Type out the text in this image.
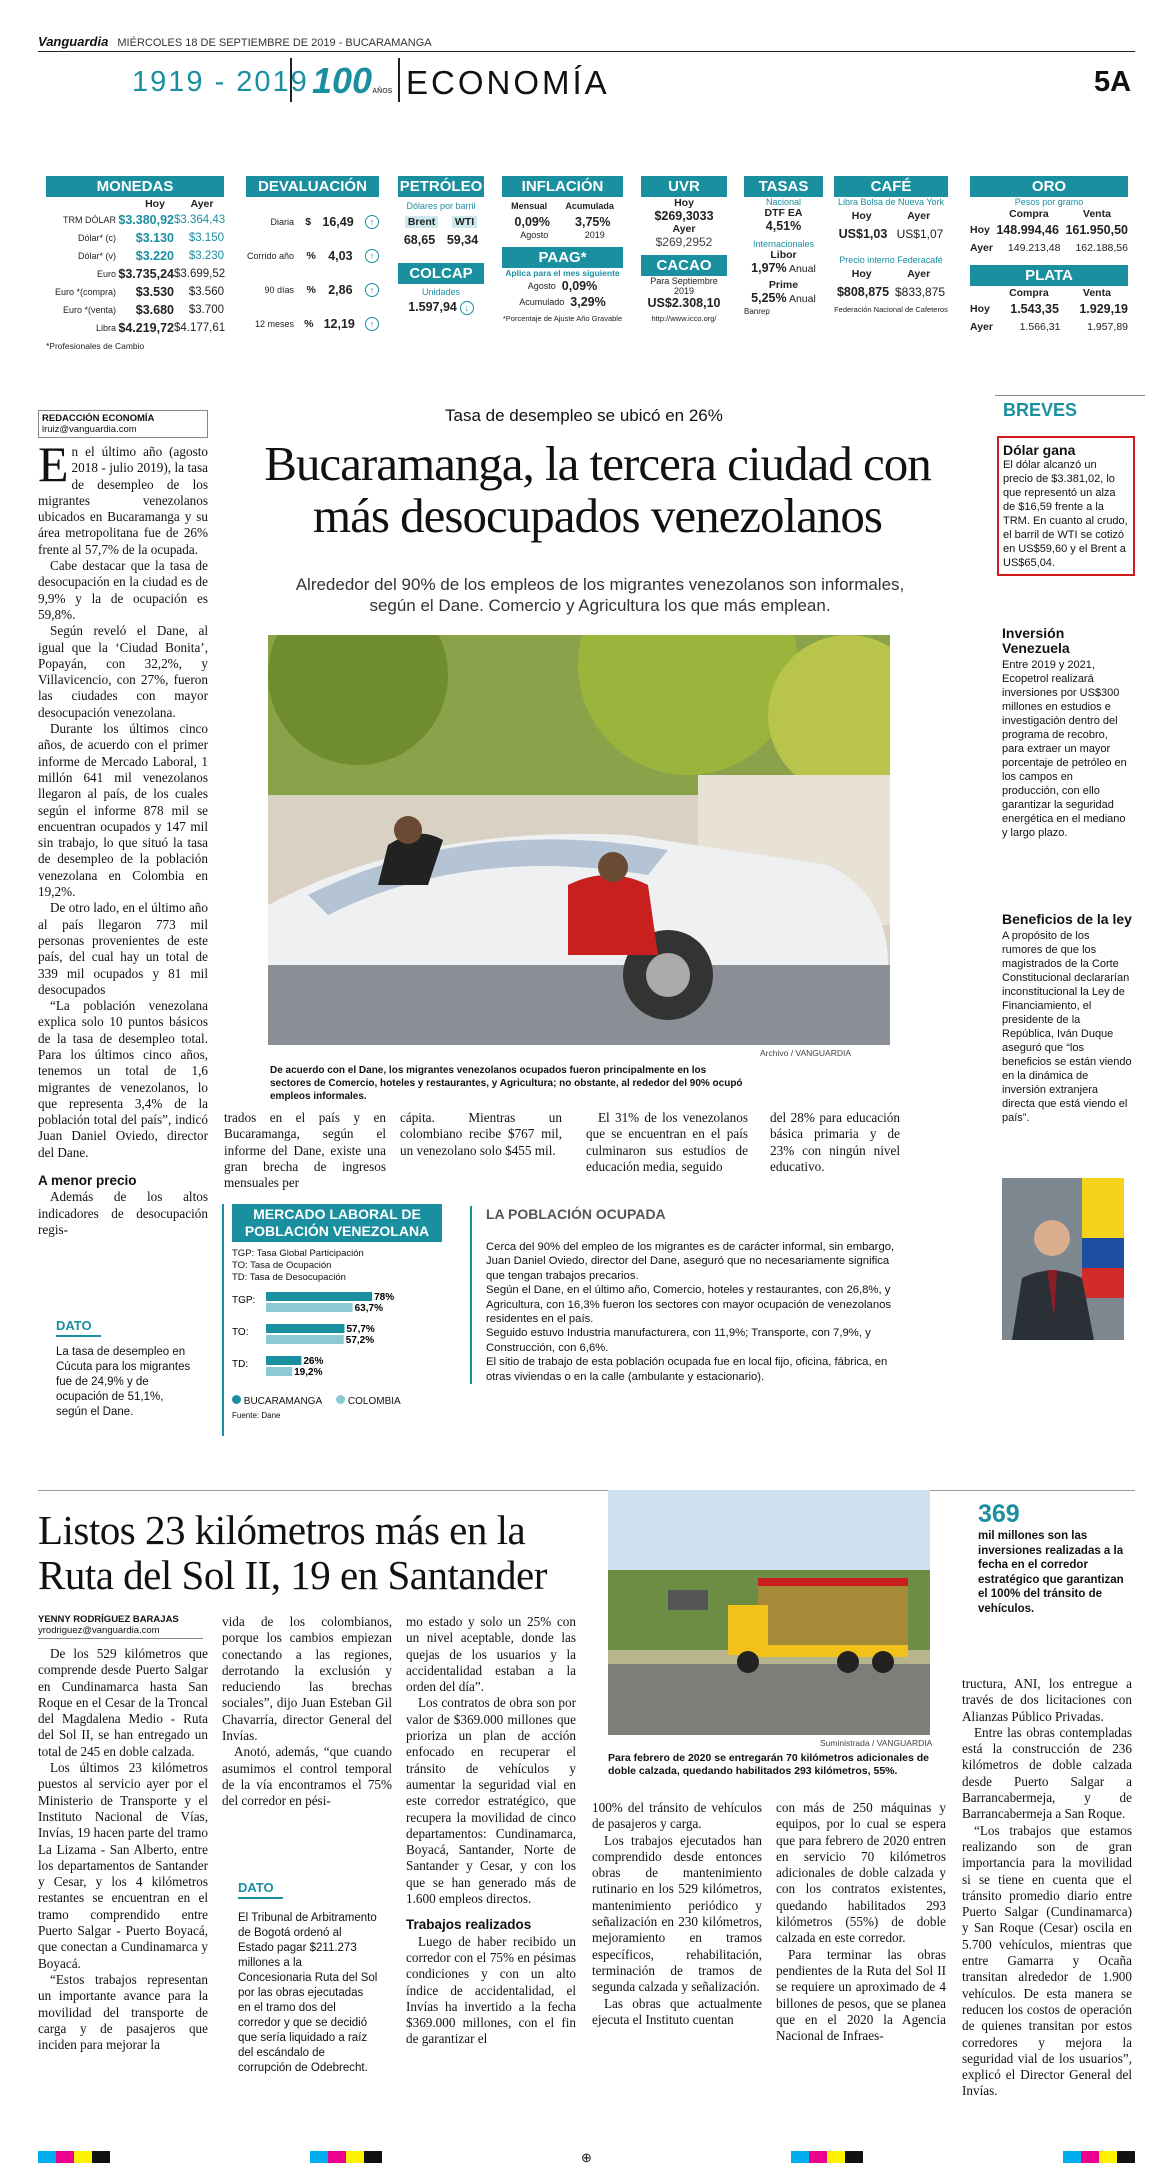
Vanguardia MIÉRCOLES 18 DE SEPTIEMBRE DE 2019 - BUCARAMANGA
1919 - 2019 100AÑOS ECONOMÍA	5A
MONEDAS
Hoy	Ayer
TRM DÓLAR $3.380,92 $3.364,43
Dólar* (c)	$3.130	$3.150
Dólar* (v)	$3.220	$3.230
Euro $3.735,24 $3.699,52
Euro *(compra)	$3.530	$3.560
Euro *(venta)	$3.680	$3.700
Libra $4.219,72 $4.177,61
*Profesionales de Cambio
DEVALUACIÓN
Diaria $ 16,49	↑
Corrido año % 4,03	↑
90 días % 2,86	↑
12 meses % 12,19	↑
PETRÓLEO
Dólares por barril
Brent WTI
68,65 59,34
COLCAP
Unidades
1.597,94 ↓
INFLACIÓN
Mensual Acumulada
0,09% 3,75%
Agosto	2019
PAAG*
Aplica para el mes siguiente
Agosto 0,09%
Acumulado 3,29%
*Porcentaje de Ajuste Año Gravable
UVR
Hoy
$269,3033
Ayer
$269,2952
CACAO
Para Septiembre 2019
US$2.308,10
http://www.icco.org/
TASAS
Nacional
DTF EA
4,51%
Internacionales
Libor
1,97% Anual
Prime
5,25% Anual
Banrep
CAFÉ
Libra Bolsa de Nueva York
Hoy	Ayer
US$1,03 US$1,07
Precio interno Federacafé
Hoy	Ayer
$808,875 $833,875
Federación Nacional de Cafeteros
ORO
Pesos por gramo
Compra	Venta
Hoy 148.994,46 161.950,50
Ayer 149.213,48 162.188,56
PLATA
Compra	Venta
Hoy 1.543,35 1.929,19
Ayer	1.566,31	1.957,89
REDACCIÓN ECONOMÍA
lruiz@vanguardia.com
Tasa de desempleo se ubicó en 26%
Bucaramanga, la tercera ciudad con más desocupados venezolanos
Alrededor del 90% de los empleos de los migrantes venezolanos son informales, según el Dane. Comercio y Agricultura los que más emplean.

En el último año (agosto 2018 - julio 2019), la tasa de desempleo de los migrantes venezolanos ubicados en Bucaramanga y su área metropolitana fue de 26% frente al 57,7% de la ocupada.

Cabe destacar que la tasa de desocupación en la ciudad es de 9,9% y la de ocupación es 59,8%.

Según reveló el Dane, al igual que la ‘Ciudad Bonita’, Popayán, con 32,2%, y Villavicencio, con 27%, fueron las ciudades con mayor desocupación venezolana.

Durante los últimos cinco años, de acuerdo con el primer informe de Mercado Laboral, 1 millón 641 mil venezolanos llegaron al país, de los cuales según el informe 878 mil se encuentran ocupados y 147 mil sin trabajo, lo que situó la tasa de desempleo de la población venezolana en Colombia en 19,2%.

De otro lado, en el último año al país llegaron 773 mil personas provenientes de este país, del cual hay un total de 339 mil ocupados y 81 mil desocupados

“La población venezolana explica solo 10 puntos básicos de la tasa de desempleo total. Para los últimos cinco años, tenemos un total de 1,6 migrantes de venezolanos, lo que representa 3,4% de la población total del país”, indicó Juan Daniel Oviedo, director del Dane.

A menor precio

Además de los altos indicadores de desocupación regis-

Archivo / VANGUARDIA
De acuerdo con el Dane, los migrantes venezolanos ocupados fueron principalmente en los sectores de Comercio, hoteles y restaurantes, y Agricultura; no obstante, al rededor del 90% ocupó empleos informales.

trados en el país y en Bucaramanga, según el informe del Dane, existe una gran brecha de ingresos mensuales per

cápita. Mientras un colombiano recibe $767 mil, un venezolano solo $455 mil.

El 31% de los venezolanos que se encuentran en el país culminaron sus estudios de educación media, seguido

del 28% para educación básica primaria y de 23% con ningún nivel educativo.

DATO
La tasa de desempleo en Cúcuta para los migrantes fue de 24,9% y de ocupación de 51,1%, según el Dane.
MERCADO LABORAL DE POBLACIÓN VENEZOLANA
TGP: Tasa Global Participación
TO: Tasa de Ocupación
TD: Tasa de Desocupación
TGP:	78%
63,7%
TO:	57,7%
57,2%
TD:	26%
19,2%
BUCARAMANGA	COLOMBIA
Fuente: Dane
LA POBLACIÓN OCUPADA
Cerca del 90% del empleo de los migrantes es de carácter informal, sin embargo, Juan Daniel Oviedo, director del Dane, aseguró que no necesariamente significa que tengan trabajos precarios.
Según el Dane, en el último año, Comercio, hoteles y restaurantes, con 26,8%, y Agricultura, con 16,3% fueron los sectores con mayor ocupación de venezolanos residentes en el país.
Seguido estuvo Industria manufacturera, con 11,9%; Transporte, con 7,9%, y Construcción, con 6,6%.
El sitio de trabajo de esta población ocupada fue en local fijo, oficina, fábrica, en otras viviendas o en la calle (ambulante y estacionario).
BREVES
Dólar gana
El dólar alcanzó un precio de $3.381,02, lo que representó un alza de $16,59 frente a la TRM. En cuanto al crudo, el barril de WTI se cotizó en US$59,60 y el Brent a US$65,04.
Inversión Venezuela
Entre 2019 y 2021, Ecopetrol realizará inversiones por US$300 millones en estudios e investigación dentro del programa de recobro, para extraer un mayor porcentaje de petróleo en los campos en producción, con ello garantizar la seguridad energética en el mediano y largo plazo.
Beneficios de la ley
A propósito de los rumores de que los magistrados de la Corte Constitucional declararían inconstitucional la Ley de Financiamiento, el presidente de la República, Iván Duque aseguró que “los beneficios se están viendo en la dinámica de inversión extranjera directa que está viendo el país”.
Listos 23 kilómetros más en la Ruta del Sol II, 19 en Santander
YENNY RODRÍGUEZ BARAJAS
yrodriguez@vanguardia.com

De los 529 kilómetros que comprende desde Puerto Salgar en Cundinamarca hasta San Roque en el Cesar de la Troncal del Magdalena Medio - Ruta del Sol II, se han entregado un total de 245 en doble calzada.

Los últimos 23 kilómetros puestos al servicio ayer por el Ministerio de Transporte y el Instituto Nacional de Vías, Invías, 19 hacen parte del tramo La Lizama - San Alberto, entre los departamentos de Santander y Cesar, y los 4 kilómetros restantes se encuentran en el tramo comprendido entre Puerto Salgar - Puerto Boyacá, que conectan a Cundinamarca y Boyacá.

“Estos trabajos representan un importante avance para la movilidad del transporte de carga y de pasajeros que inciden para mejorar la

vida de los colombianos, porque los cambios empiezan conectando a las regiones, derrotando la exclusión y reduciendo las brechas sociales”, dijo Juan Esteban Gil Chavarría, director General del Invías.

Anotó, además, “que cuando asumimos el control temporal de la vía encontramos el 75% del corredor en pési-

DATO
El Tribunal de Arbitramento de Bogotá ordenó al Estado pagar $211.273 millones a la Concesionaria Ruta del Sol por las obras ejecutadas en el tramo dos del corredor y que se decidió que sería liquidado a raíz del escándalo de corrupción de Odebrecht.

mo estado y solo un 25% con un nivel aceptable, donde las quejas de los usuarios y la accidentalidad estaban a la orden del día”.

Los contratos de obra son por valor de $369.000 millones que prioriza un plan de acción enfocado en recuperar el tránsito de vehículos y aumentar la seguridad vial en este corredor estratégico, que recupera la movilidad de cinco departamentos: Cundinamarca, Boyacá, Santander, Norte de Santander y Cesar, y con los que se han generado más de 1.600 empleos directos.

Trabajos realizados

Luego de haber recibido un corredor con el 75% en pésimas condiciones y con un alto índice de accidentalidad, el Invías ha invertido a la fecha $369.000 millones, con el fin de garantizar el

Suministrada / VANGUARDIA
Para febrero de 2020 se entregarán 70 kilómetros adicionales de doble calzada, quedando habilitados 293 kilómetros, 55%.

100% del tránsito de vehículos de pasajeros y carga.

Los trabajos ejecutados han comprendido desde entonces obras de mantenimiento rutinario en los 529 kilómetros, mantenimiento periódico y señalización en 230 kilómetros, mejoramiento en tramos específicos, rehabilitación, terminación de tramos de segunda calzada y señalización.

Las obras que actualmente ejecuta el Instituto cuentan

con más de 250 máquinas y equipos, por lo cual se espera que para febrero de 2020 entren en servicio 70 kilómetros adicionales de doble calzada y con los contratos existentes, quedando habilitados 293 kilómetros (55%) de doble calzada en este corredor.

Para terminar las obras pendientes de la Ruta del Sol II se requiere un aproximado de 4 billones de pesos, que se planea que en el 2020 la Agencia Nacional de Infraes-

369
mil millones son las inversiones realizadas a la fecha en el corredor estratégico que garantizan el 100% del tránsito de vehículos.

tructura, ANI, los entregue a través de dos licitaciones con Alianzas Público Privadas.

Entre las obras contempladas está la construcción de 236 kilómetros de doble calzada desde Puerto Salgar a Barrancabermeja, y de Barrancabermeja a San Roque.

“Los trabajos que estamos realizando son de gran importancia para la movilidad si se tiene en cuenta que el tránsito promedio diario entre Puerto Salgar (Cundinamarca) y San Roque (Cesar) oscila en 5.700 vehículos, mientras que entre Gamarra y Ocaña transitan alrededor de 1.900 vehículos. De esta manera se reducen los costos de operación de quienes transitan por estos corredores y mejora la seguridad vial de los usuarios”, explicó el Director General del Invías.

⊕
